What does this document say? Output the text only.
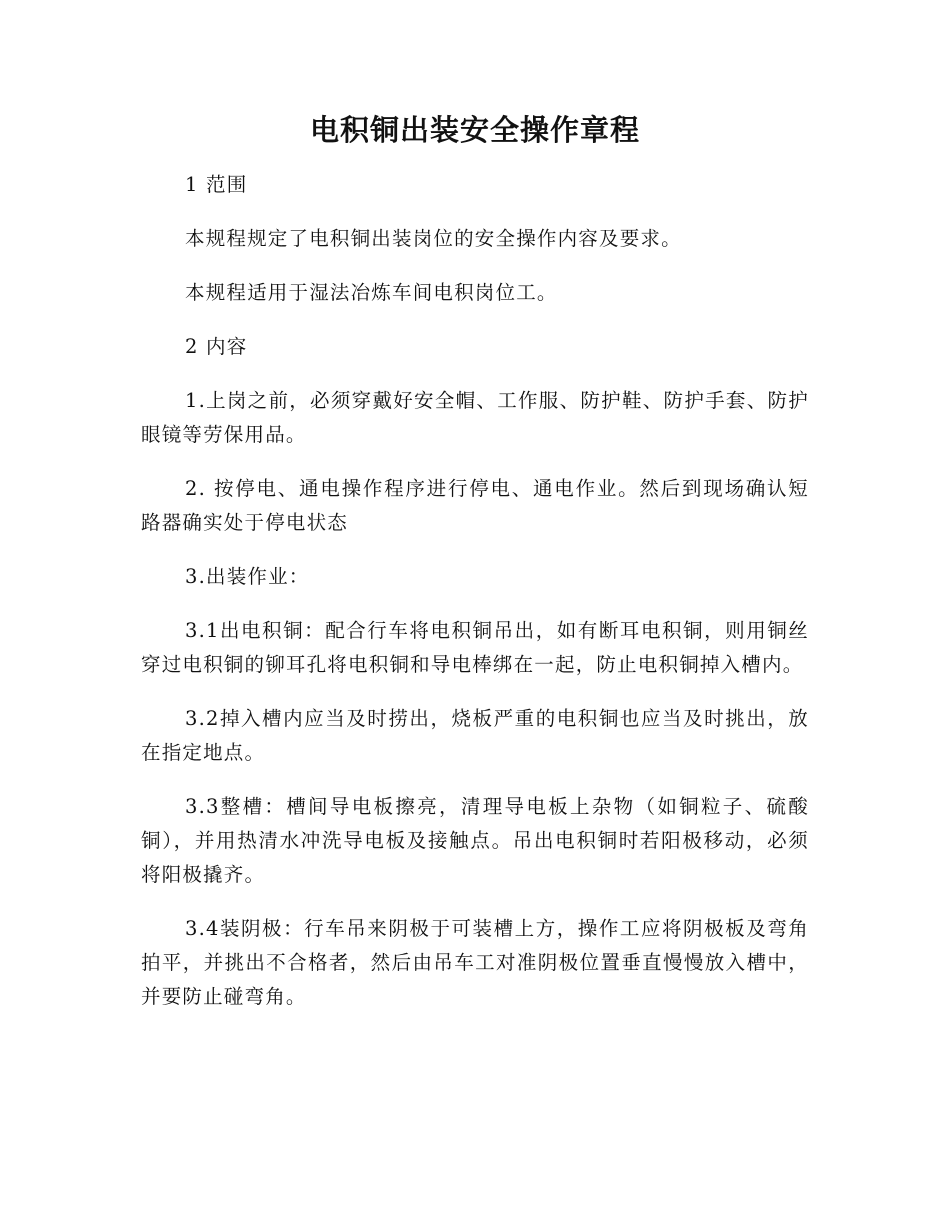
电积铜出装安全操作章程

1 范围

本规程规定了电积铜出装岗位的安全操作内容及要求。

本规程适用于湿法冶炼车间电积岗位工。

2 内容

1.上岗之前，必须穿戴好安全帽、工作服、防护鞋、防护手套、防护眼镜等劳保用品。

2. 按停电、通电操作程序进行停电、通电作业。然后到现场确认短路器确实处于停电状态

3.出装作业：

3.1出电积铜：配合行车将电积铜吊出，如有断耳电积铜，则用铜丝穿过电积铜的铆耳孔将电积铜和导电棒绑在一起，防止电积铜掉入槽内。

3.2掉入槽内应当及时捞出，烧板严重的电积铜也应当及时挑出，放在指定地点。

3.3整槽：槽间导电板擦亮，清理导电板上杂物（如铜粒子、硫酸铜），并用热清水冲洗导电板及接触点。吊出电积铜时若阳极移动，必须将阳极撬齐。

3.4装阴极：行车吊来阴极于可装槽上方，操作工应将阴极板及弯角拍平，并挑出不合格者，然后由吊车工对准阴极位置垂直慢慢放入槽中，并要防止碰弯角。
